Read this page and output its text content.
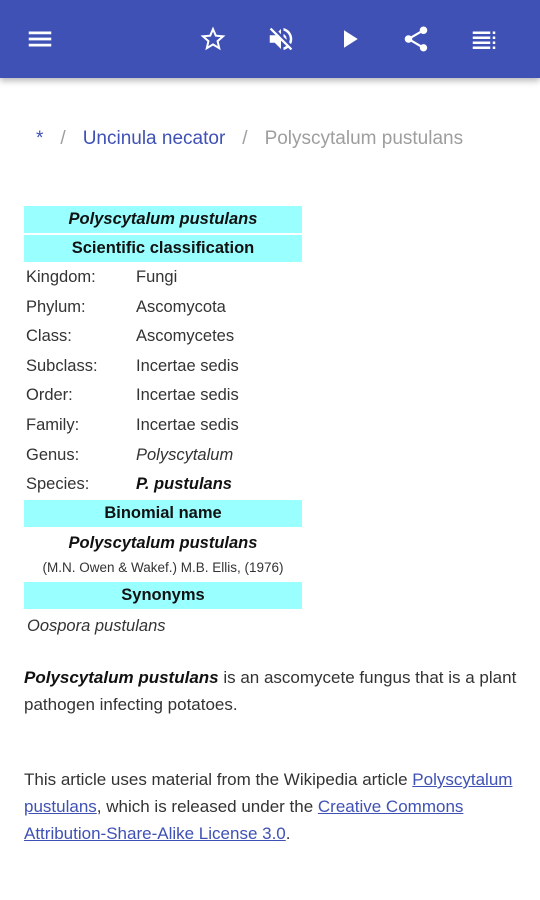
* / Uncinula necator / Polyscytalum pustulans
Polyscytalum pustulans
Scientific classification
Kingdom:	Fungi
Phylum:	Ascomycota
Class:	Ascomycetes
Subclass:	Incertae sedis
Order:	Incertae sedis
Family:	Incertae sedis
Genus:	Polyscytalum
Species:	P. pustulans
Binomial name
Polyscytalum pustulans
(M.N. Owen & Wakef.) M.B. Ellis, (1976)
Synonyms
Oospora pustulans

Polyscytalum pustulans is an ascomycete fungus that is a plant pathogen infecting potatoes.

This article uses material from the Wikipedia article Polyscytalum pustulans, which is released under the Creative Commons Attribution-Share-Alike License 3.0.
